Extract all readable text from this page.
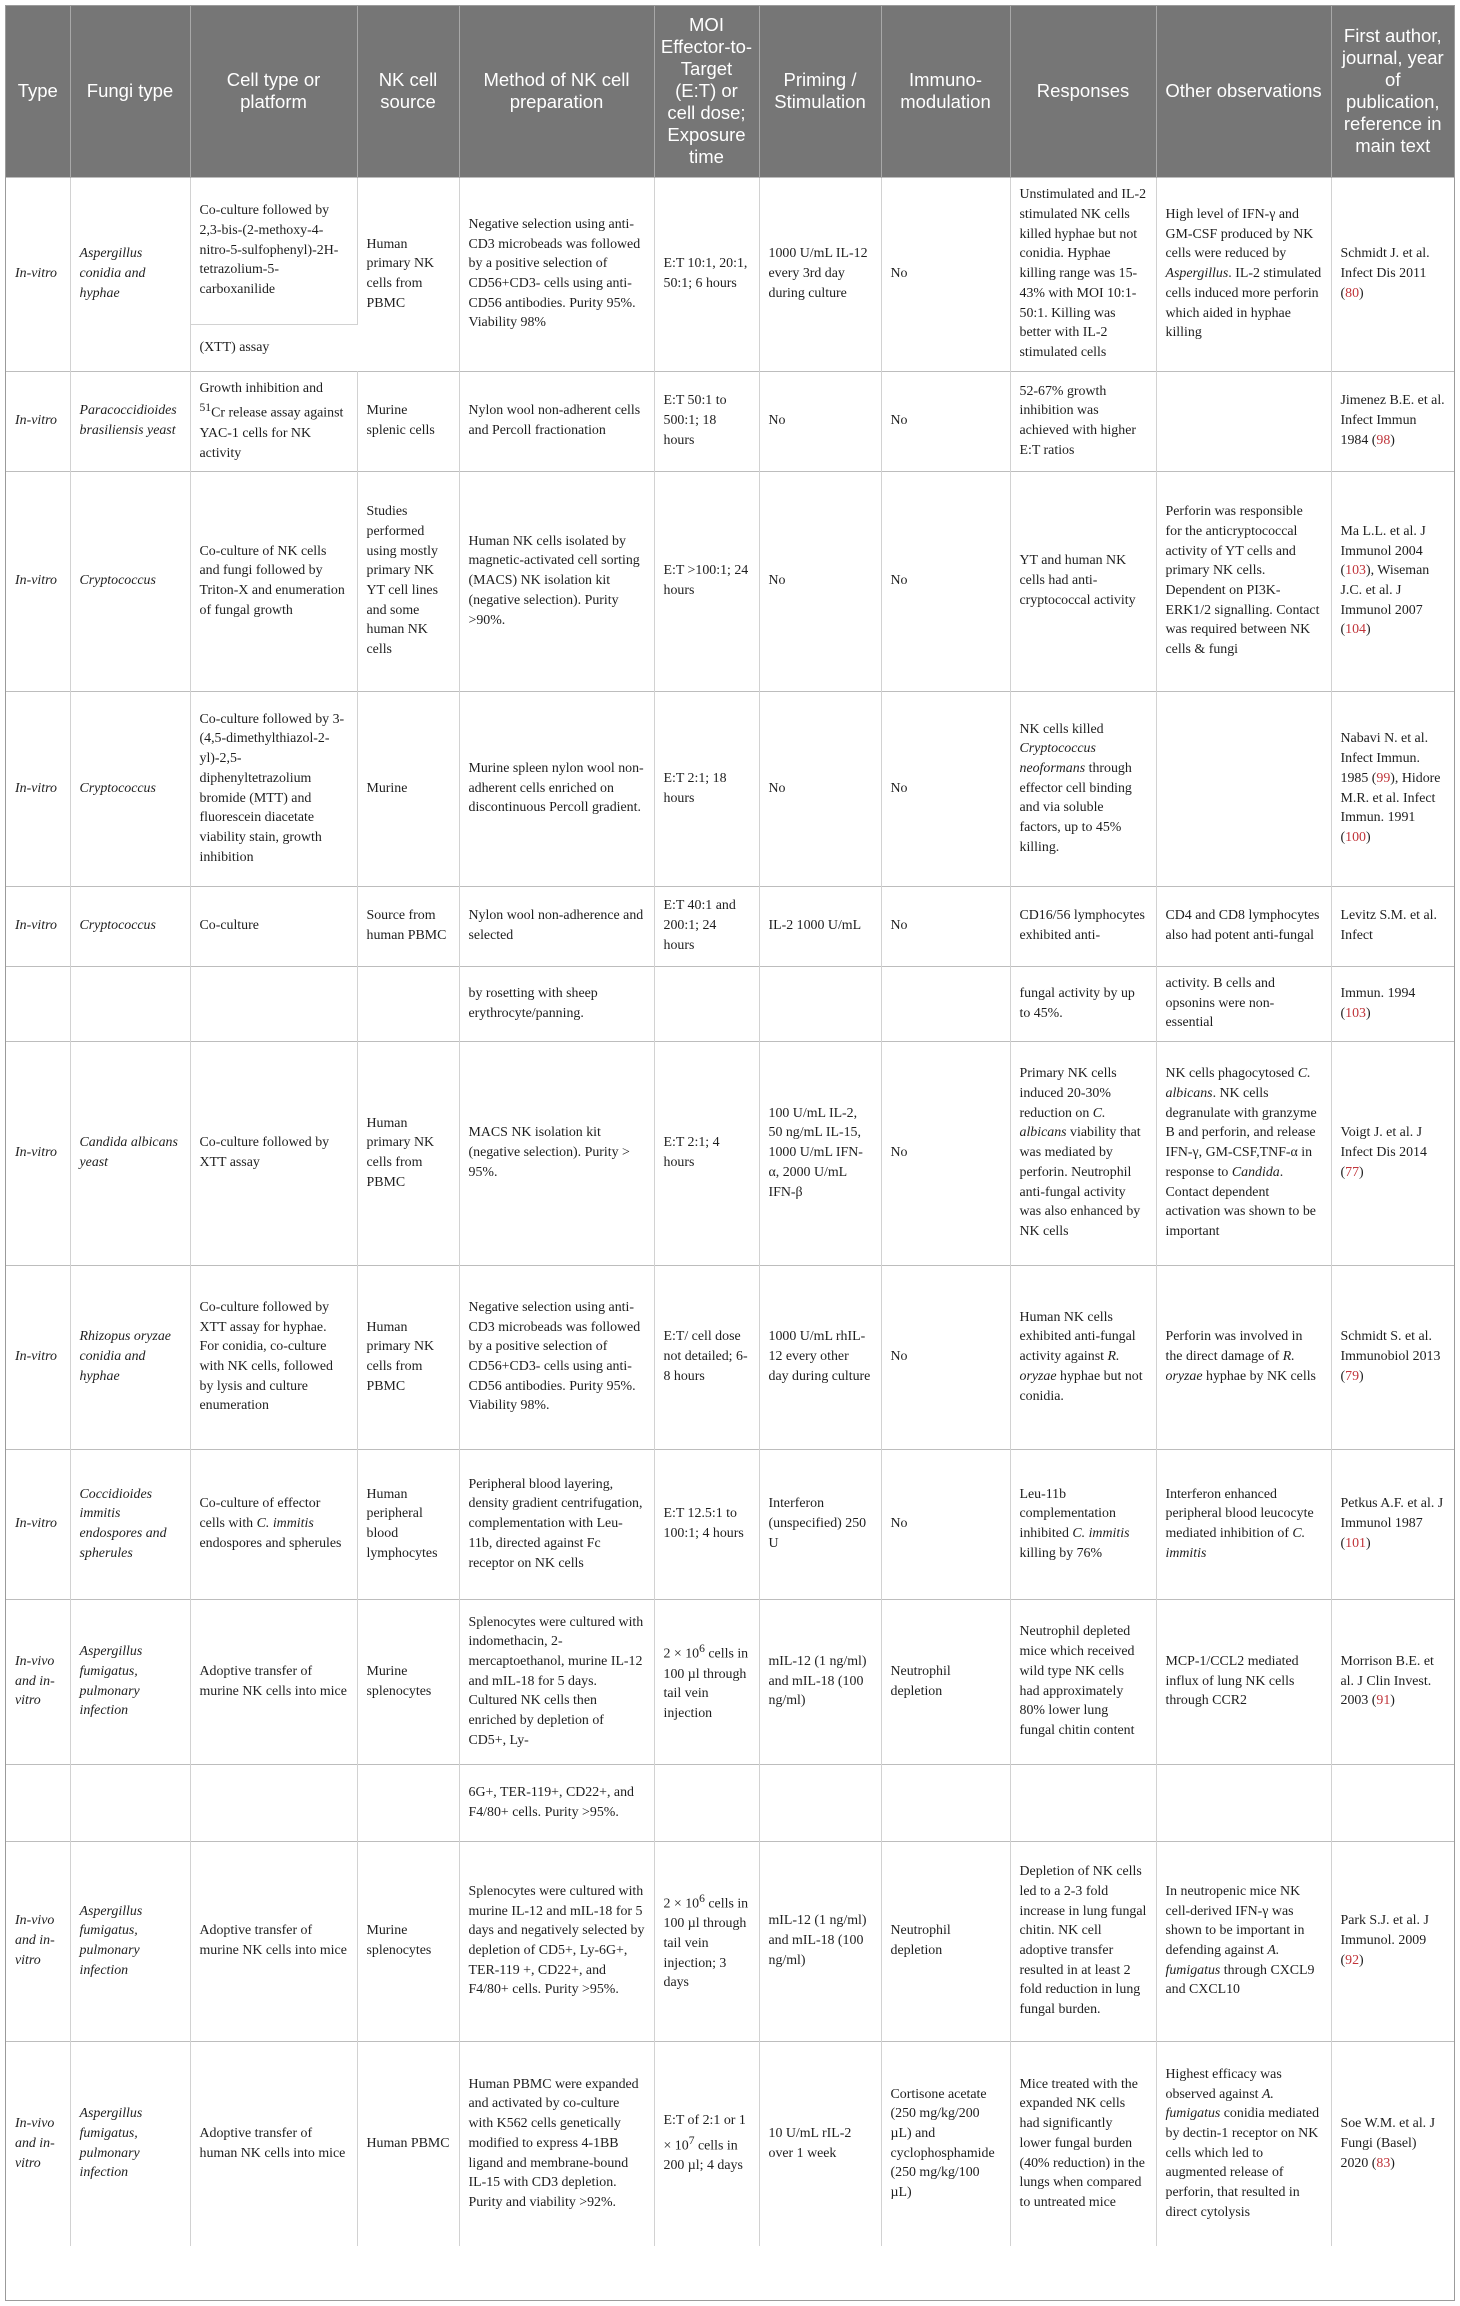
Type	Fungi type	Cell type or platform	NK cell source	Method of NK cell preparation	MOI Effector-to-Target (E:T) or cell dose; Exposure time	Priming / Stimulation	Immuno-modulation	Responses	Other observations	First author, journal, year of publication, reference in main text
In-vitro	Aspergillus conidia and hyphae	Co-culture followed by 2,3-bis-(2-methoxy-4-nitro-5-sulfophenyl)-2H-tetrazolium-5-carboxanilide	Human primary NK cells from PBMC	Negative selection using anti-CD3 microbeads was followed by a positive selection of CD56+CD3- cells using anti-CD56 antibodies. Purity 95%. Viability 98%	E:T 10:1, 20:1, 50:1; 6 hours	1000 U/mL IL-12 every 3rd day during culture	No	Unstimulated and IL-2 stimulated NK cells killed hyphae but not conidia. Hyphae killing range was 15-43% with MOI 10:1-50:1. Killing was better with IL-2 stimulated cells	High level of IFN-γ and GM-CSF produced by NK cells were reduced by Aspergillus. IL-2 stimulated cells induced more perforin which aided in hyphae killing	Schmidt J. et al. Infect Dis 2011 (80)
		(XTT) assay								
In-vitro	Paracoccidioides brasiliensis yeast	Growth inhibition and $^{51}$Cr release assay against YAC-1 cells for NK activity	Murine splenic cells	Nylon wool non-adherent cells and Percoll fractionation	E:T 50:1 to 500:1; 18 hours	No	No	52-67% growth inhibition was achieved with higher E:T ratios		Jimenez B.E. et al. Infect Immun 1984 (98)
In-vitro	Cryptococcus	Co-culture of NK cells and fungi followed by Triton-X and enumeration of fungal growth	Studies performed using mostly primary NK YT cell lines and some human NK cells	Human NK cells isolated by magnetic-activated cell sorting (MACS) NK isolation kit (negative selection). Purity >90%.	E:T >100:1; 24 hours	No	No	YT and human NK cells had anti-cryptococcal activity	Perforin was responsible for the anticryptococcal activity of YT cells and primary NK cells. Dependent on PI3K-ERK1/2 signalling. Contact was required between NK cells & fungi	Ma L.L. et al. J Immunol 2004 (103), Wiseman J.C. et al. J Immunol 2007 (104)
In-vitro	Cryptococcus	Co-culture followed by 3-(4,5-dimethylthiazol-2-yl)-2,5-diphenyltetrazolium bromide (MTT) and fluorescein diacetate viability stain, growth inhibition	Murine	Murine spleen nylon wool non-adherent cells enriched on discontinuous Percoll gradient.	E:T 2:1; 18 hours	No	No	NK cells killed Cryptococcus neoformans through effector cell binding and via soluble factors, up to 45% killing.		Nabavi N. et al. Infect Immun. 1985 (99), Hidore M.R. et al. Infect Immun. 1991 (100)
In-vitro	Cryptococcus	Co-culture	Source from human PBMC	Nylon wool non-adherence and selected	E:T 40:1 and 200:1; 24 hours	IL-2 1000 U/mL	No	CD16/56 lymphocytes exhibited anti-	CD4 and CD8 lymphocytes also had potent anti-fungal	Levitz S.M. et al. Infect
				by rosetting with sheep erythrocyte/panning.				fungal activity by up to 45%.	activity. B cells and opsonins were non-essential	Immun. 1994 (103)
In-vitro	Candida albicans yeast	Co-culture followed by XTT assay	Human primary NK cells from PBMC	MACS NK isolation kit (negative selection). Purity > 95%.	E:T 2:1; 4 hours	100 U/mL IL-2, 50 ng/mL IL-15, 1000 U/mL IFN-α, 2000 U/mL IFN-β	No	Primary NK cells induced 20-30% reduction on C. albicans viability that was mediated by perforin. Neutrophil anti-fungal activity was also enhanced by NK cells	NK cells phagocytosed C. albicans. NK cells degranulate with granzyme B and perforin, and release IFN-γ, GM-CSF,TNF-α in response to Candida. Contact dependent activation was shown to be important	Voigt J. et al. J Infect Dis 2014 (77)
In-vitro	Rhizopus oryzae conidia and hyphae	Co-culture followed by XTT assay for hyphae. For conidia, co-culture with NK cells, followed by lysis and culture enumeration	Human primary NK cells from PBMC	Negative selection using anti-CD3 microbeads was followed by a positive selection of CD56+CD3- cells using anti-CD56 antibodies. Purity 95%. Viability 98%.	E:T/ cell dose not detailed; 6-8 hours	1000 U/mL rhIL-12 every other day during culture	No	Human NK cells exhibited anti-fungal activity against R. oryzae hyphae but not conidia.	Perforin was involved in the direct damage of R. oryzae hyphae by NK cells	Schmidt S. et al. Immunobiol 2013 (79)
In-vitro	Coccidioides immitis endospores and spherules	Co-culture of effector cells with C. immitis endospores and spherules	Human peripheral blood lymphocytes	Peripheral blood layering, density gradient centrifugation, complementation with Leu-11b, directed against Fc receptor on NK cells	E:T 12.5:1 to 100:1; 4 hours	Interferon (unspecified) 250 U	No	Leu-11b complementation inhibited C. immitis killing by 76%	Interferon enhanced peripheral blood leucocyte mediated inhibition of C. immitis	Petkus A.F. et al. J Immunol 1987 (101)
In-vivo and in-vitro	Aspergillus fumigatus, pulmonary infection	Adoptive transfer of murine NK cells into mice	Murine splenocytes	Splenocytes were cultured with indomethacin, 2-mercaptoethanol, murine IL-12 and mIL-18 for 5 days. Cultured NK cells then enriched by depletion of CD5+, Ly-	$2 \times 10^6$ cells in 100 µl through tail vein injection	mIL-12 (1 ng/ml) and mIL-18 (100 ng/ml)	Neutrophil depletion	Neutrophil depleted mice which received wild type NK cells had approximately 80% lower lung fungal chitin content	MCP-1/CCL2 mediated influx of lung NK cells through CCR2	Morrison B.E. et al. J Clin Invest. 2003 (91)
				6G+, TER-119+, CD22+, and F4/80+ cells. Purity >95%.						
In-vivo and in-vitro	Aspergillus fumigatus, pulmonary infection	Adoptive transfer of murine NK cells into mice	Murine splenocytes	Splenocytes were cultured with murine IL-12 and mIL-18 for 5 days and negatively selected by depletion of CD5+, Ly-6G+, TER-119 +, CD22+, and F4/80+ cells. Purity >95%.	$2 \times 10^6$ cells in 100 µl through tail vein injection; 3 days	mIL-12 (1 ng/ml) and mIL-18 (100 ng/ml)	Neutrophil depletion	Depletion of NK cells led to a 2-3 fold increase in lung fungal chitin. NK cell adoptive transfer resulted in at least 2 fold reduction in lung fungal burden.	In neutropenic mice NK cell-derived IFN-γ was shown to be important in defending against A. fumigatus through CXCL9 and CXCL10	Park S.J. et al. J Immunol. 2009 (92)
In-vivo and in-vitro	Aspergillus fumigatus, pulmonary infection	Adoptive transfer of human NK cells into mice	Human PBMC	Human PBMC were expanded and activated by co-culture with K562 cells genetically modified to express 4-1BB ligand and membrane-bound IL-15 with CD3 depletion. Purity and viability >92%.	E:T of 2:1 or $1 \times 10^7$ cells in 200 µl; 4 days	10 U/mL rIL-2 over 1 week	Cortisone acetate (250 mg/kg/200 µL) and cyclophosphamide (250 mg/kg/100 µL)	Mice treated with the expanded NK cells had significantly lower fungal burden (40% reduction) in the lungs when compared to untreated mice	Highest efficacy was observed against A. fumigatus conidia mediated by dectin-1 receptor on NK cells which led to augmented release of perforin, that resulted in direct cytolysis	Soe W.M. et al. J Fungi (Basel) 2020 (83)
